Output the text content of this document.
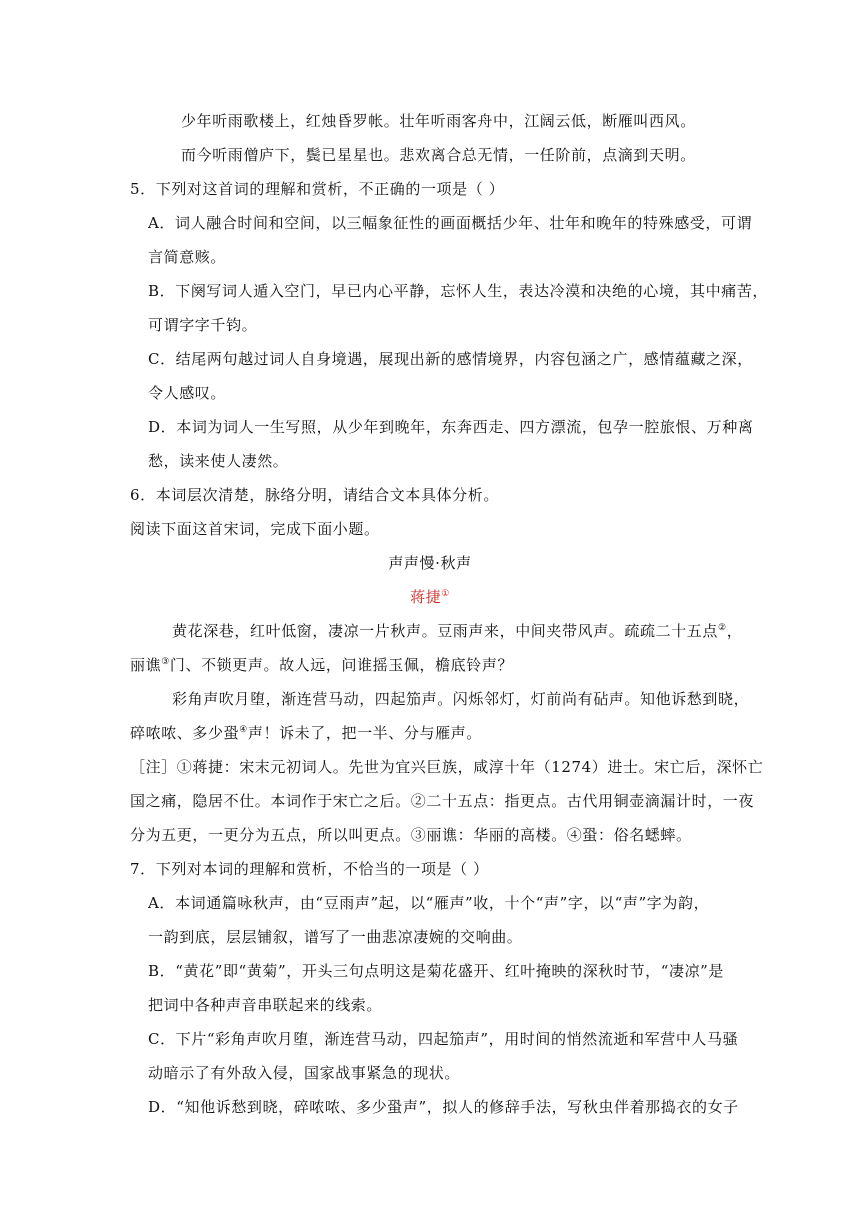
少年听雨歌楼上，红烛昏罗帐。壮年听雨客舟中，江阔云低，断雁叫西风。
而今听雨僧庐下，鬓已星星也。悲欢离合总无情，一任阶前，点滴到天明。
5．下列对这首词的理解和赏析，不正确的一项是（ ）
A．词人融合时间和空间，以三幅象征性的画面概括少年、壮年和晚年的特殊感受，可谓
言简意赅。
B．下阕写词人遁入空门，早已内心平静，忘怀人生，表达冷漠和决绝的心境，其中痛苦，
可谓字字千钧。
C．结尾两句越过词人自身境遇，展现出新的感情境界，内容包涵之广，感情蕴藏之深，
令人感叹。
D．本词为词人一生写照，从少年到晚年，东奔西走、四方漂流，包孕一腔旅恨、万种离
愁，读来使人凄然。
6．本词层次清楚，脉络分明，请结合文本具体分析。
阅读下面这首宋词，完成下面小题。
声声慢·秋声
蒋捷①
黄花深巷，红叶低窗，凄凉一片秋声。豆雨声来，中间夹带风声。疏疏二十五点②，
丽谯③门、不锁更声。故人远，问谁摇玉佩，檐底铃声？
彩角声吹月堕，渐连营马动，四起笳声。闪烁邻灯，灯前尚有砧声。知他诉愁到晓，
碎哝哝、多少蛩④声！诉未了，把一半、分与雁声。
［注］①蒋捷：宋末元初词人。先世为宜兴巨族，咸淳十年（1274）进士。宋亡后，深怀亡
国之痛，隐居不仕。本词作于宋亡之后。②二十五点：指更点。古代用铜壶滴漏计时，一夜
分为五更，一更分为五点，所以叫更点。③丽谯：华丽的高楼。④蛩：俗名蟋蟀。
7．下列对本词的理解和赏析，不恰当的一项是（ ）
A．本词通篇咏秋声，由“豆雨声”起，以“雁声”收，十个“声”字，以“声”字为韵，
一韵到底，层层铺叙，谱写了一曲悲凉凄婉的交响曲。
B．“黄花”即“黄菊”，开头三句点明这是菊花盛开、红叶掩映的深秋时节，“凄凉”是
把词中各种声音串联起来的线索。
C．下片“彩角声吹月堕，渐连营马动，四起笳声”，用时间的悄然流逝和军营中人马骚
动暗示了有外敌入侵，国家战事紧急的现状。
D．“知他诉愁到晓，碎哝哝、多少蛩声”，拟人的修辞手法，写秋虫伴着那捣衣的女子
